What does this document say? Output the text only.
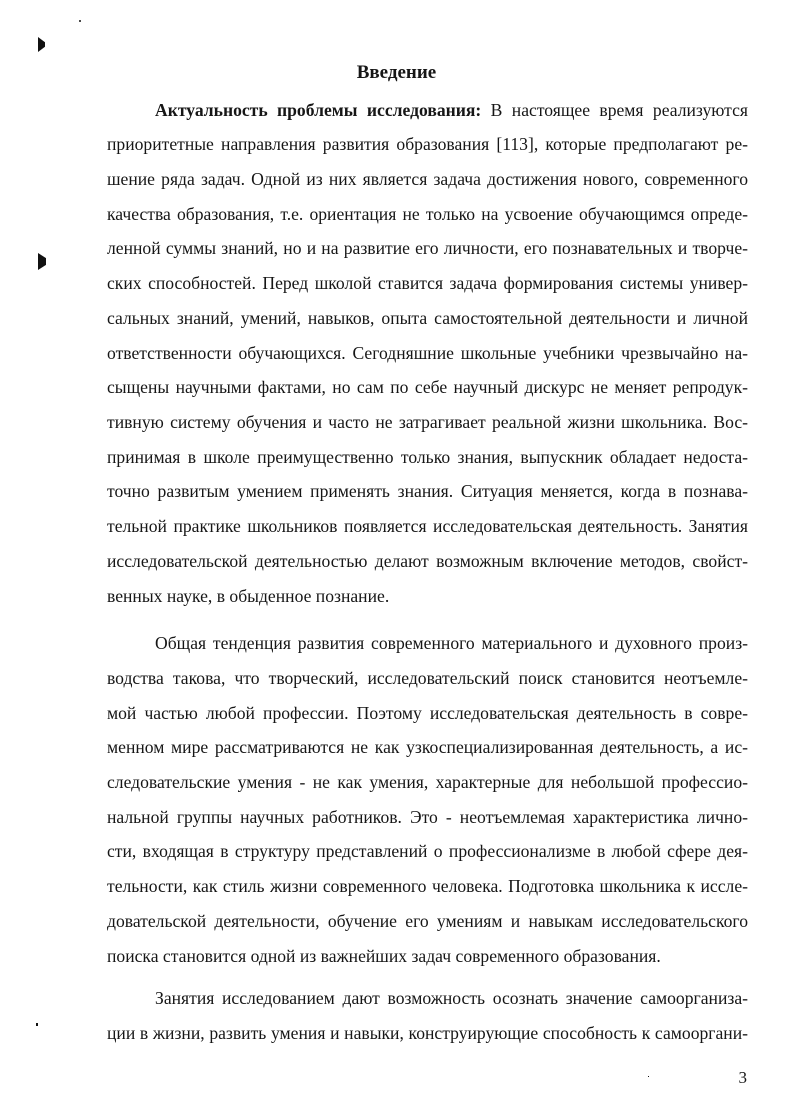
Введение
Актуальность проблемы исследования: В настоящее время реализуются
приоритетные направления развития образования [113], которые предполагают ре-
шение ряда задач. Одной из них является задача достижения нового, современного
качества образования, т.е. ориентация не только на усвоение обучающимся опреде-
ленной суммы знаний, но и на развитие его личности, его познавательных и творче-
ских способностей. Перед школой ставится задача формирования системы универ-
сальных знаний, умений, навыков, опыта самостоятельной деятельности и личной
ответственности обучающихся. Сегодняшние школьные учебники чрезвычайно на-
сыщены научными фактами, но сам по себе научный дискурс не меняет репродук-
тивную систему обучения и часто не затрагивает реальной жизни школьника. Вос-
принимая в школе преимущественно только знания, выпускник обладает недоста-
точно развитым умением применять знания. Ситуация меняется, когда в познава-
тельной практике школьников появляется исследовательская деятельность. Занятия
исследовательской деятельностью делают возможным включение методов, свойст-
венных науке, в обыденное познание.
Общая тенденция развития современного материального и духовного произ-
водства такова, что творческий, исследовательский поиск становится неотъемле-
мой частью любой профессии. Поэтому исследовательская деятельность в совре-
менном мире рассматриваются не как узкоспециализированная деятельность, а ис-
следовательские умения - не как умения, характерные для небольшой профессио-
нальной группы научных работников. Это - неотъемлемая характеристика лично-
сти, входящая в структуру представлений о профессионализме в любой сфере дея-
тельности, как стиль жизни современного человека. Подготовка школьника к иссле-
довательской деятельности, обучение его умениям и навыкам исследовательского
поиска становится одной из важнейших задач современного образования.
Занятия исследованием дают возможность осознать значение самоорганиза-
ции в жизни, развить умения и навыки, конструирующие способность к самооргани-
3
